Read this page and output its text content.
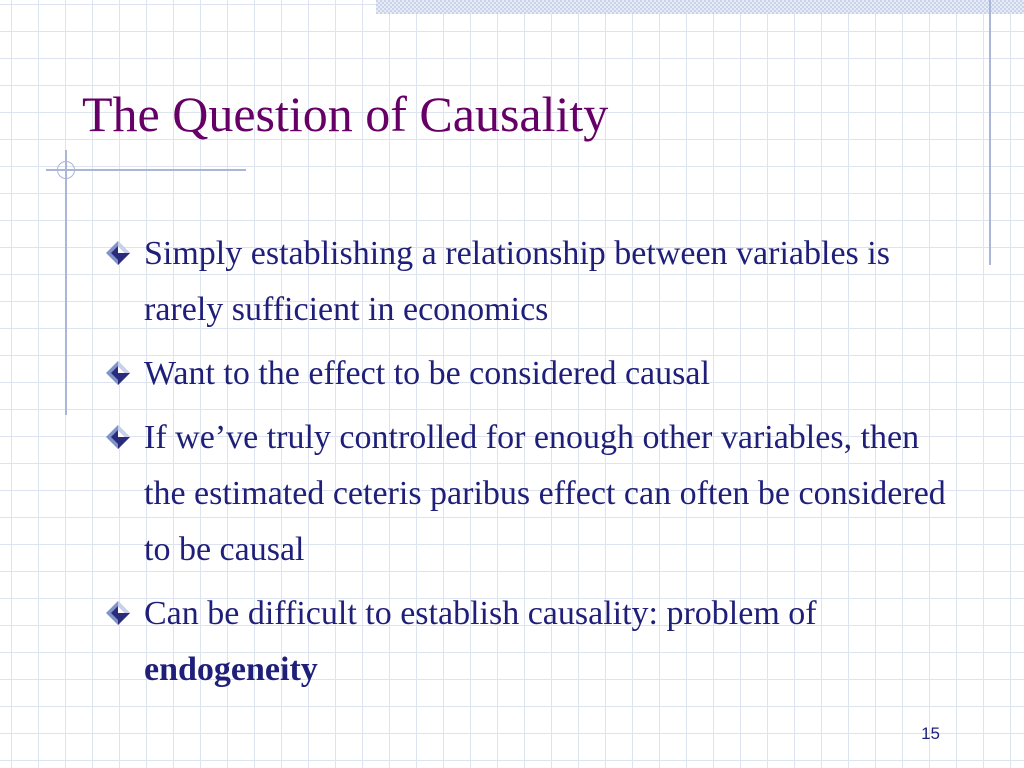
The Question of Causality
Simply establishing a relationship between variables is rarely sufficient in economics
Want to the effect to be considered causal
If we’ve truly controlled for enough other variables, then the estimated ceteris paribus effect can often be considered to be causal
Can be difficult to establish causality: problem of endogeneity
15
